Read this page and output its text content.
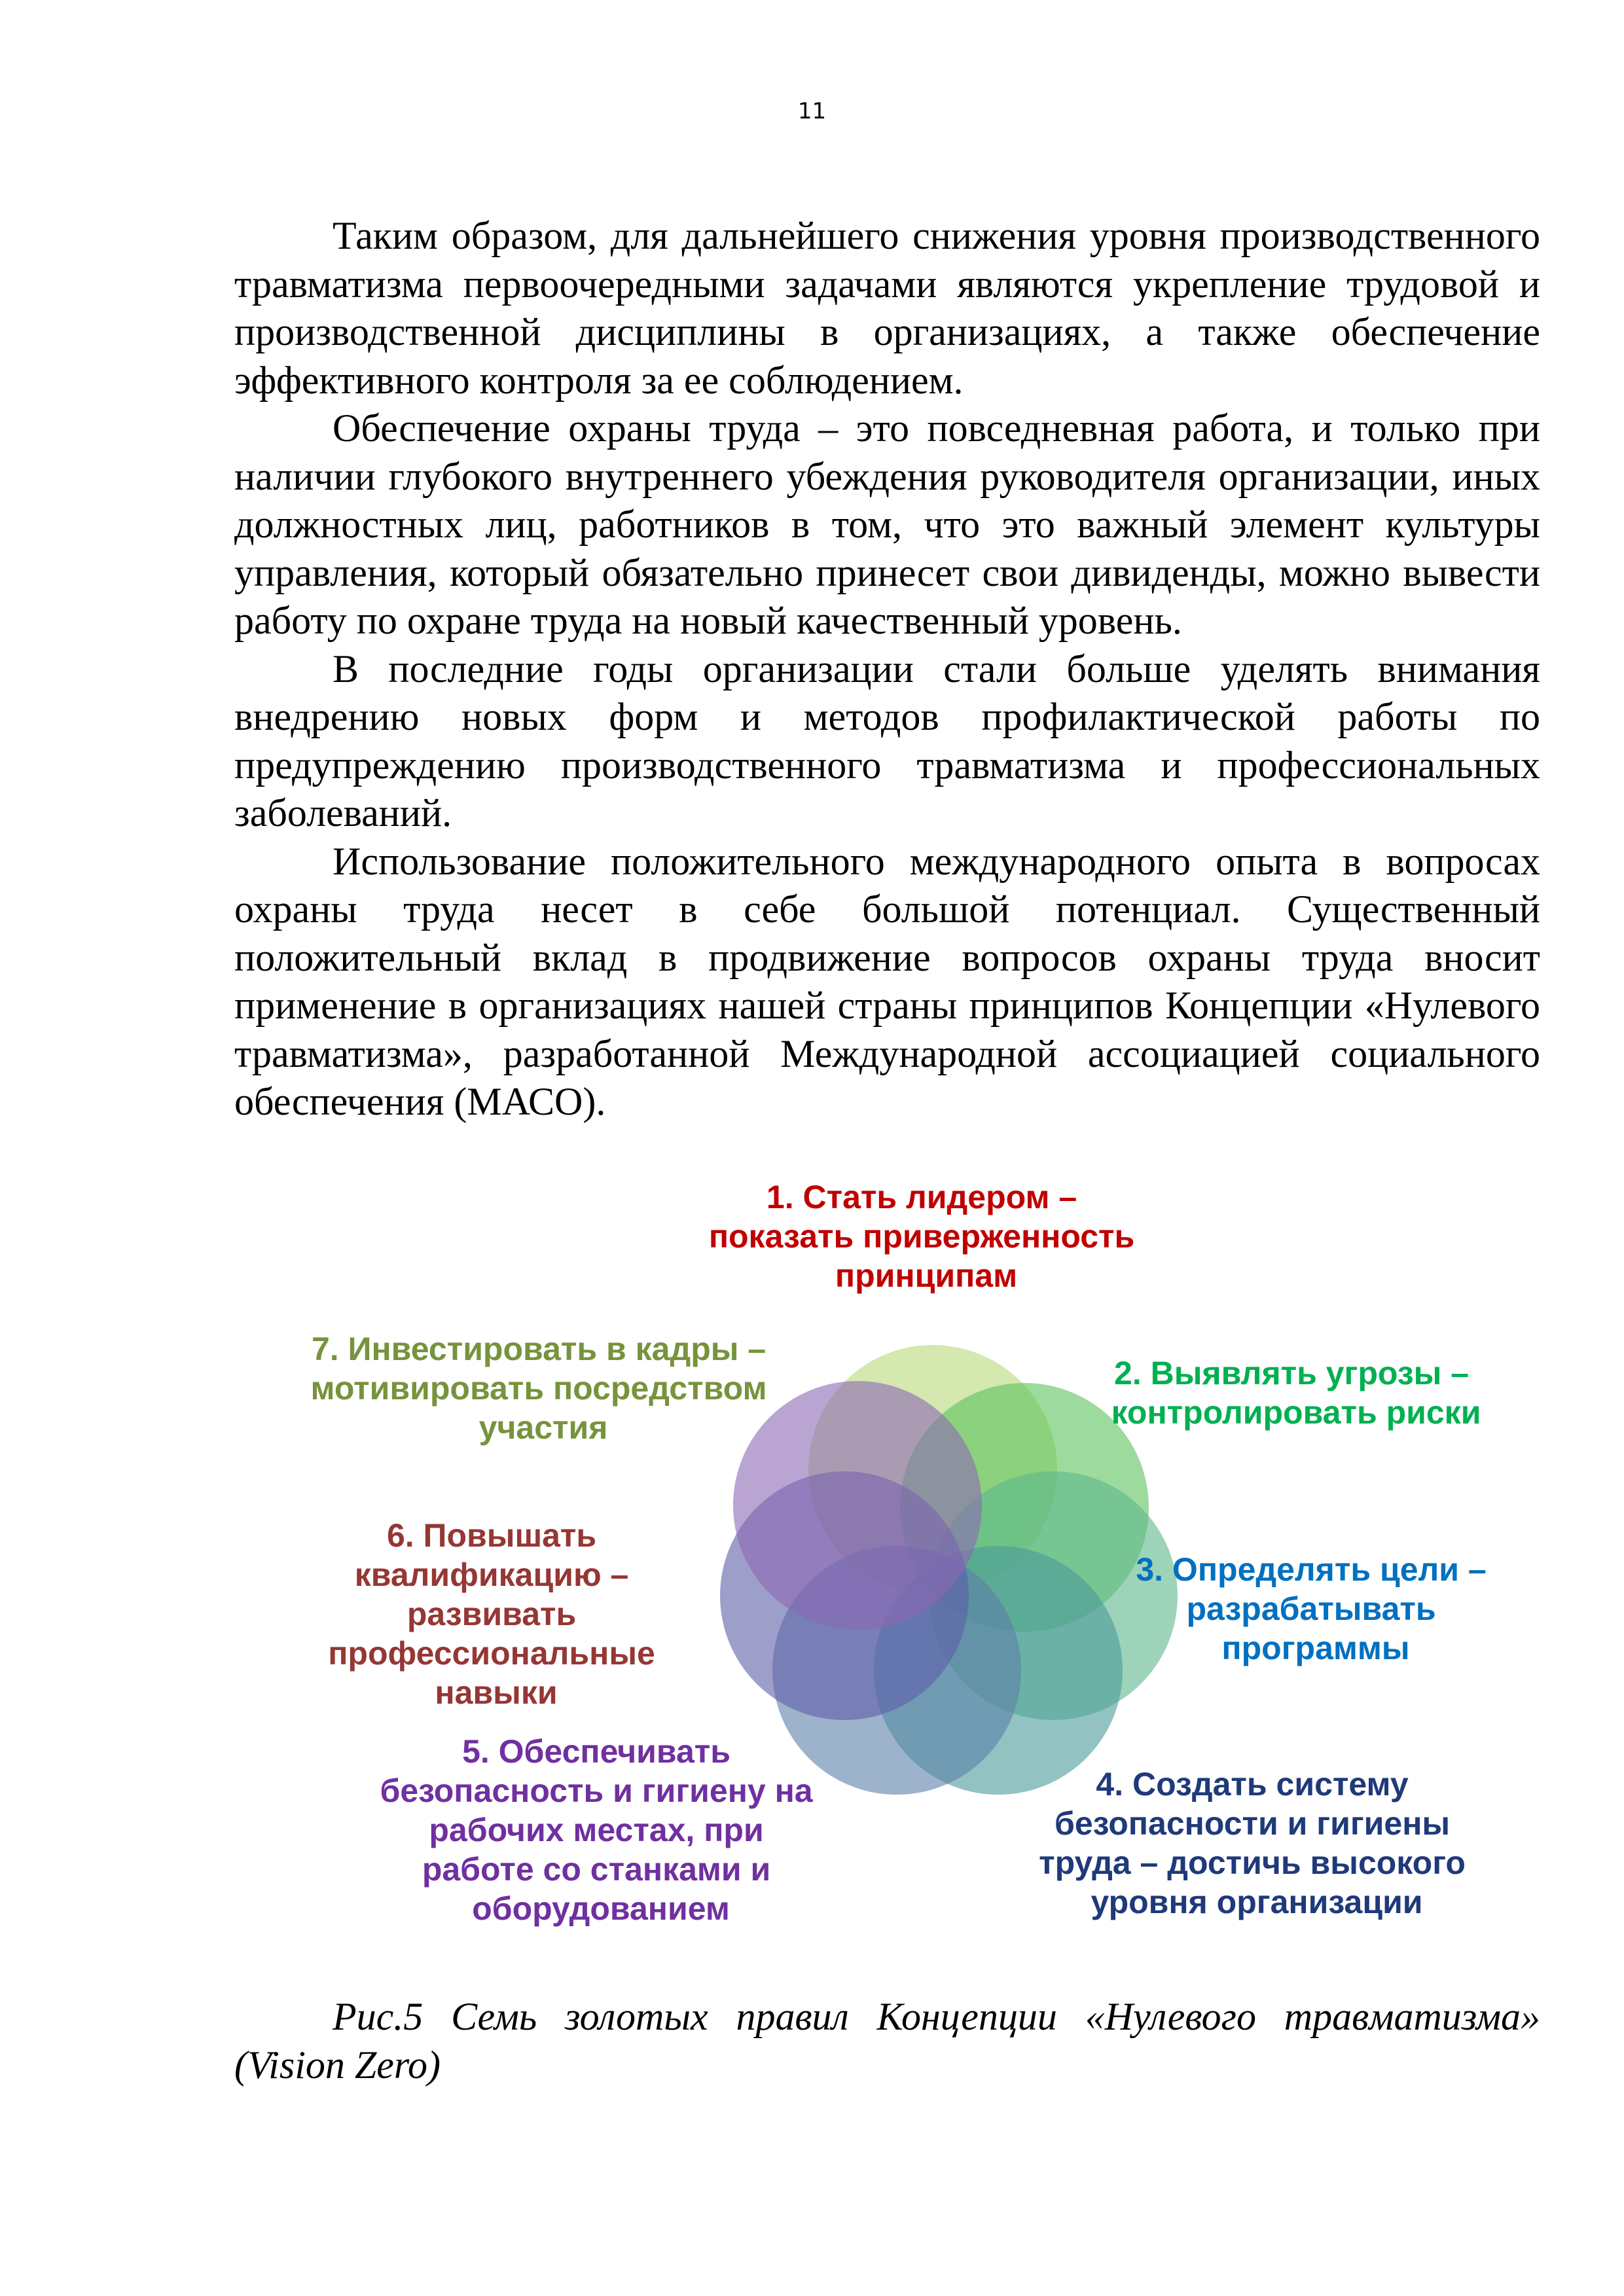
11

Таким образом, для дальнейшего снижения уровня производственного травматизма первоочередными задачами являются укрепление трудовой и производственной дисциплины в организациях, а также обеспечение эффективного контроля за ее соблюдением.

Обеспечение охраны труда – это повседневная работа, и только при наличии глубокого внутреннего убеждения руководителя организации, иных должностных лиц, работников в том, что это важный элемент культуры управления, который обязательно принесет свои дивиденды, можно вывести работу по охране труда на новый качественный уровень.

В последние годы организации стали больше уделять внимания внедрению новых форм и методов профилактической работы по предупреждению производственного травматизма и профессиональных заболеваний.

Использование положительного международного опыта в вопросах охраны труда несет в себе большой потенциал. Существенный положительный вклад в продвижение вопросов охраны труда вносит применение в организациях нашей страны принципов Концепции «Нулевого травматизма», разработанной Международной ассоциацией социального обеспечения (МАСО).

1. Стать лидером – показать приверженность принципам
2. Выявлять угрозы – контролировать риски
3. Определять цели – разрабатывать программы
4. Создать систему безопасности и гигиены труда – достичь высокого уровня организации
5. Обеспечивать безопасность и гигиену на рабочих местах, при работе со станками и оборудованием
6. Повышать квалификацию – развивать профессиональные навыки
7. Инвестировать в кадры – мотивировать посредством участия
Рис.5 Семь золотых правил Концепции «Нулевого травматизма» (Vision Zero)
